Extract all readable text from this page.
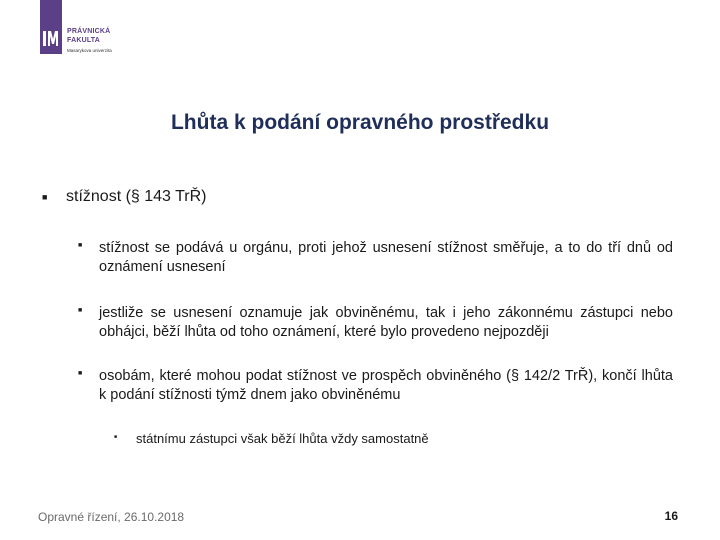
PRÁVNICKÁ
FAKULTA
Masarykova univerzita
Lhůta k podání opravného prostředku
■ stížnost (§ 143 TrŘ)
■ stížnost se podává u orgánu, proti jehož usnesení stížnost směřuje, a to do tří dnů od oznámení usnesení
■ jestliže se usnesení oznamuje jak obviněnému, tak i jeho zákonnému zástupci nebo obhájci, běží lhůta od toho oznámení, které bylo provedeno nejpozději
■ osobám, které mohou podat stížnost ve prospěch obviněného (§ 142/2 TrŘ), končí lhůta k podání stížnosti týmž dnem jako obviněnému
■ státnímu zástupci však běží lhůta vždy samostatně
Opravné řízení, 26.10.2018	16
